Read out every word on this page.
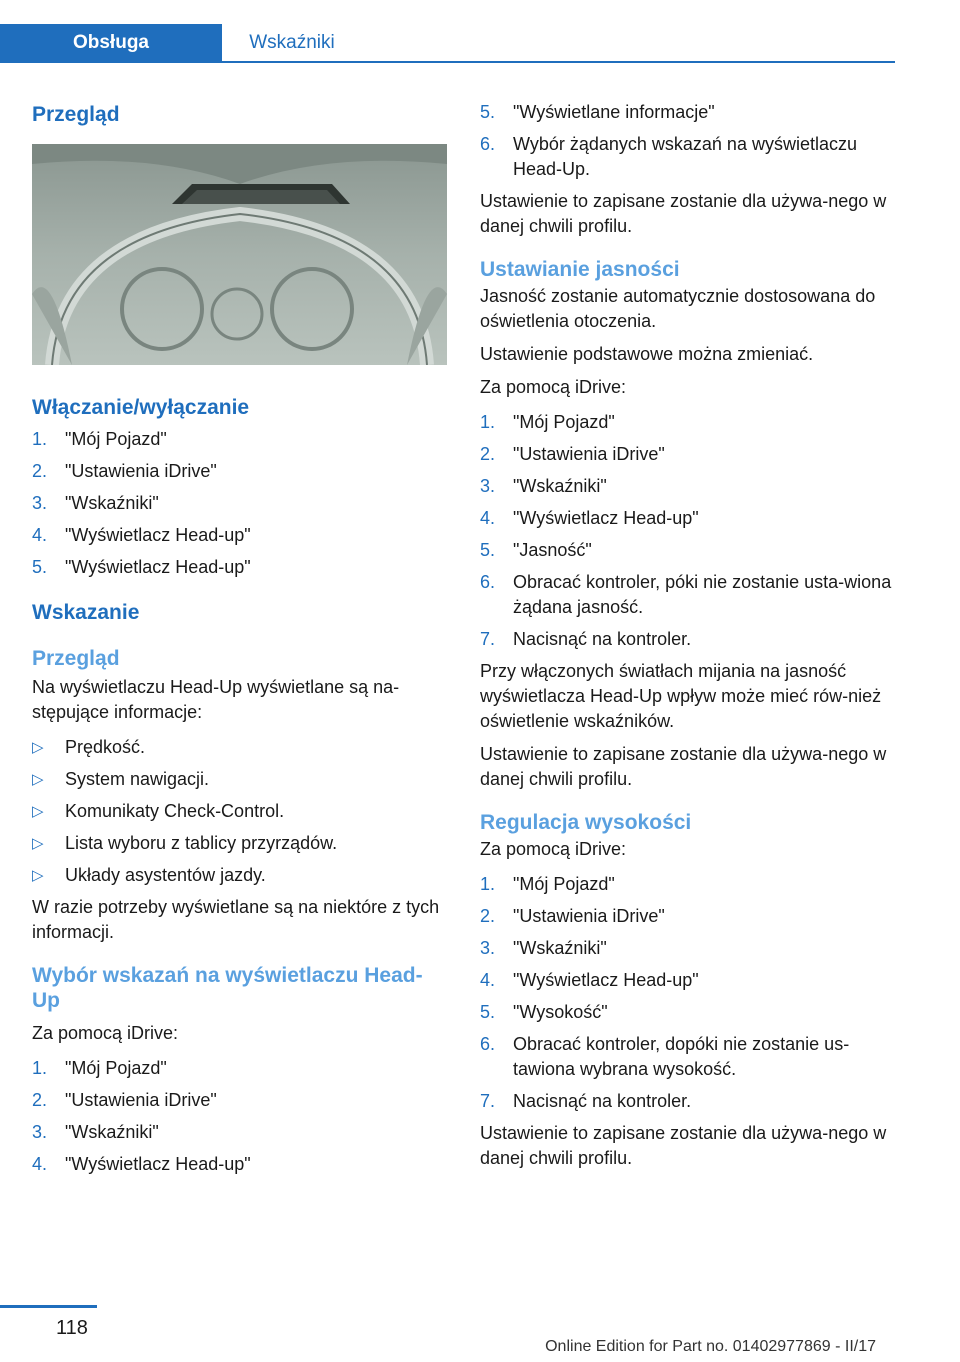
Obsługa	Wskaźniki
Przegląd
Włączanie/wyłączanie
1. "Mój Pojazd"
2. "Ustawienia iDrive"
3. "Wskaźniki"
4. "Wyświetlacz Head-up"
5. "Wyświetlacz Head-up"
Wskazanie
Przegląd

Na wyświetlaczu Head-Up wyświetlane są na-stępujące informacje:

▷ Prędkość.
▷ System nawigacji.
▷ Komunikaty Check-Control.
▷ Lista wyboru z tablicy przyrządów.
▷ Układy asystentów jazdy.

W razie potrzeby wyświetlane są na niektóre z tych informacji.

Wybór wskazań na wyświetlaczu Head-Up

Za pomocą iDrive:

1. "Mój Pojazd"
2. "Ustawienia iDrive"
3. "Wskaźniki"
4. "Wyświetlacz Head-up"
5. "Wyświetlane informacje"
6. Wybór żądanych wskazań na wyświetlaczu Head-Up.

Ustawienie to zapisane zostanie dla używa-nego w danej chwili profilu.

Ustawianie jasności

Jasność zostanie automatycznie dostosowana do oświetlenia otoczenia.

Ustawienie podstawowe można zmieniać.

Za pomocą iDrive:

1. "Mój Pojazd"
2. "Ustawienia iDrive"
3. "Wskaźniki"
4. "Wyświetlacz Head-up"
5. "Jasność"
6. Obracać kontroler, póki nie zostanie usta-wiona żądana jasność.
7. Nacisnąć na kontroler.

Przy włączonych światłach mijania na jasność wyświetlacza Head-Up wpływ może mieć rów-nież oświetlenie wskaźników.

Ustawienie to zapisane zostanie dla używa-nego w danej chwili profilu.

Regulacja wysokości

Za pomocą iDrive:

1. "Mój Pojazd"
2. "Ustawienia iDrive"
3. "Wskaźniki"
4. "Wyświetlacz Head-up"
5. "Wysokość"
6. Obracać kontroler, dopóki nie zostanie us-tawiona wybrana wysokość.
7. Nacisnąć na kontroler.

Ustawienie to zapisane zostanie dla używa-nego w danej chwili profilu.

118
Online Edition for Part no. 01402977869 - II/17
